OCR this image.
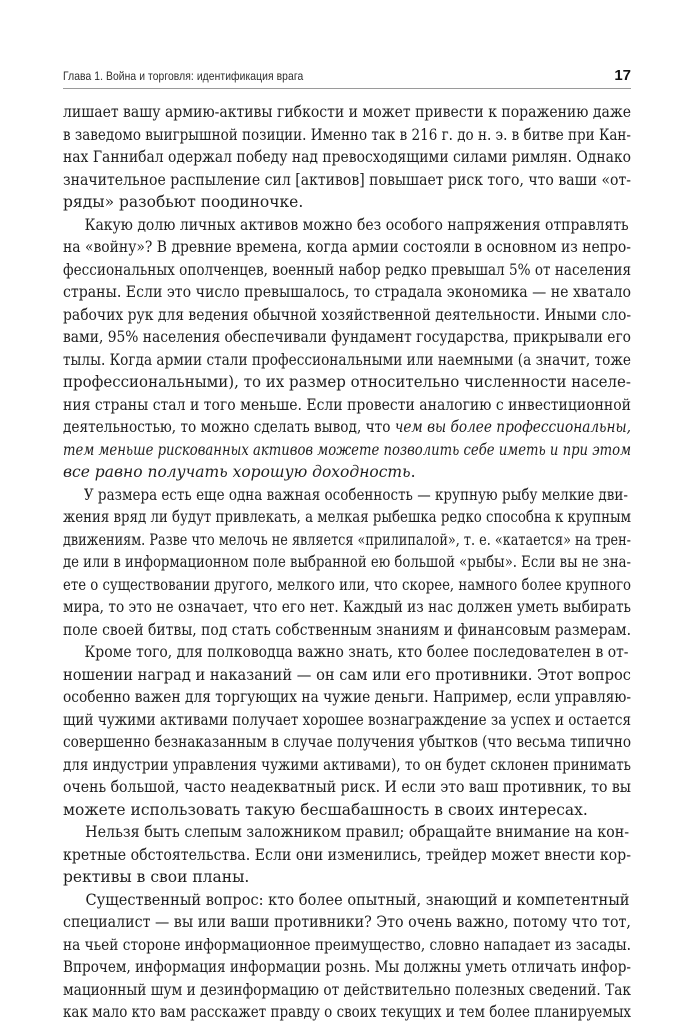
Глава 1. Война и торговля: идентификация врага	17
лишает вашу армию-активы гибкости и может привести к поражению даже
в заведомо выигрышной позиции. Именно так в 216 г. до н. э. в битве при Кан-
нах Ганнибал одержал победу над превосходящими силами римлян. Однако
значительное распыление сил [активов] повышает риск того, что ваши «от-
ряды» разобьют поодиночке.
Какую долю личных активов можно без особого напряжения отправлять
на «войну»? В древние времена, когда армии состояли в основном из непро-
фессиональных ополченцев, военный набор редко превышал 5% от населения
страны. Если это число превышалось, то страдала экономика — не хватало
рабочих рук для ведения обычной хозяйственной деятельности. Иными сло-
вами, 95% населения обеспечивали фундамент государства, прикрывали его
тылы. Когда армии стали профессиональными или наемными (а значит, тоже
профессиональными), то их размер относительно численности населе-
ния страны стал и того меньше. Если провести аналогию с инвестиционной
деятельностью, то можно сделать вывод, что чем вы более профессиональны,
тем меньше рискованных активов можете позволить себе иметь и при этом
все равно получать хорошую доходность.
У размера есть еще одна важная особенность — крупную рыбу мелкие дви-
жения вряд ли будут привлекать, а мелкая рыбешка редко способна к крупным
движениям. Разве что мелочь не является «прилипалой», т. е. «катается» на трен-
де или в информационном поле выбранной ею большой «рыбы». Если вы не зна-
ете о существовании другого, мелкого или, что скорее, намного более крупного
мира, то это не означает, что его нет. Каждый из нас должен уметь выбирать
поле своей битвы, под стать собственным знаниям и финансовым размерам.
Кроме того, для полководца важно знать, кто более последователен в от-
ношении наград и наказаний — он сам или его противники. Этот вопрос
особенно важен для торгующих на чужие деньги. Например, если управляю-
щий чужими активами получает хорошее вознаграждение за успех и остается
совершенно безнаказанным в случае получения убытков (что весьма типично
для индустрии управления чужими активами), то он будет склонен принимать
очень большой, часто неадекватный риск. И если это ваш противник, то вы
можете использовать такую бесшабашность в своих интересах.
Нельзя быть слепым заложником правил; обращайте внимание на кон-
кретные обстоятельства. Если они изменились, трейдер может внести кор-
рективы в свои планы.
Существенный вопрос: кто более опытный, знающий и компетентный
специалист — вы или ваши противники? Это очень важно, потому что тот,
на чьей стороне информационное преимущество, словно нападает из засады.
Впрочем, информация информации рознь. Мы должны уметь отличать инфор-
мационный шум и дезинформацию от действительно полезных сведений. Так
как мало кто вам расскажет правду о своих текущих и тем более планируемых
